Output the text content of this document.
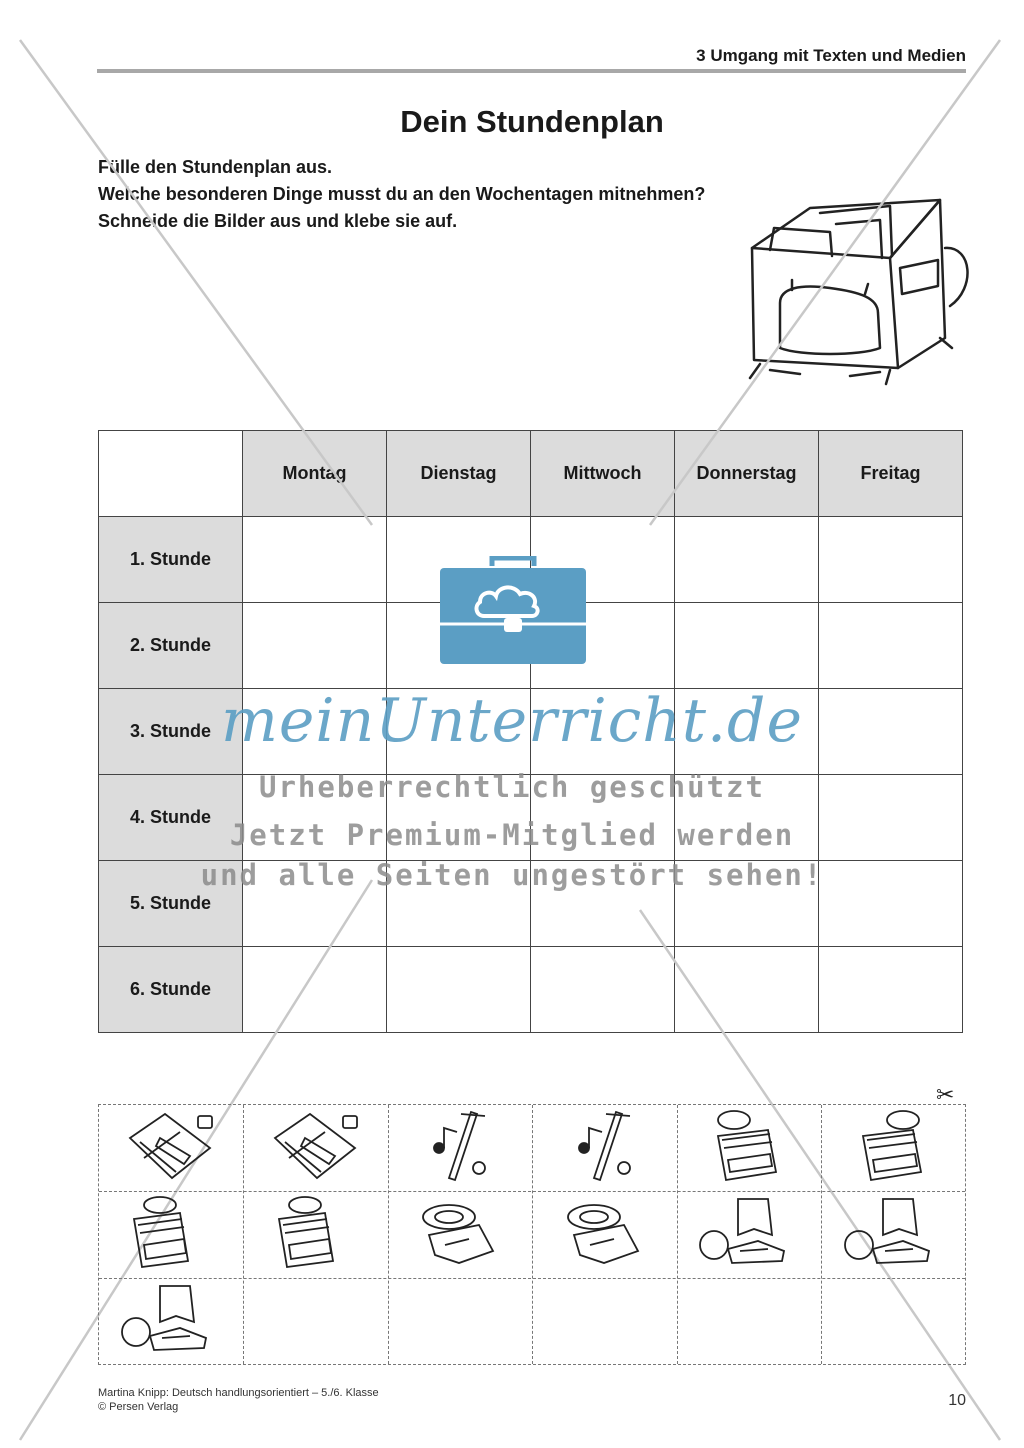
3 Umgang mit Texten und Medien
Dein Stundenplan
Fülle den Stundenplan aus.
Welche besonderen Dinge musst du an den Wochentagen mitnehmen?
Schneide die Bilder aus und klebe sie auf.
	Montag	Dienstag	Mittwoch	Donnerstag	Freitag
1. Stunde					
2. Stunde					
3. Stunde					
4. Stunde					
5. Stunde					
6. Stunde					
meinUnterricht.de
Urheberrechtlich geschützt
Jetzt Premium-Mitglied werden
und alle Seiten ungestört sehen!
✂
Martina Knipp: Deutsch handlungsorientiert – 5./6. Klasse
© Persen Verlag	10
